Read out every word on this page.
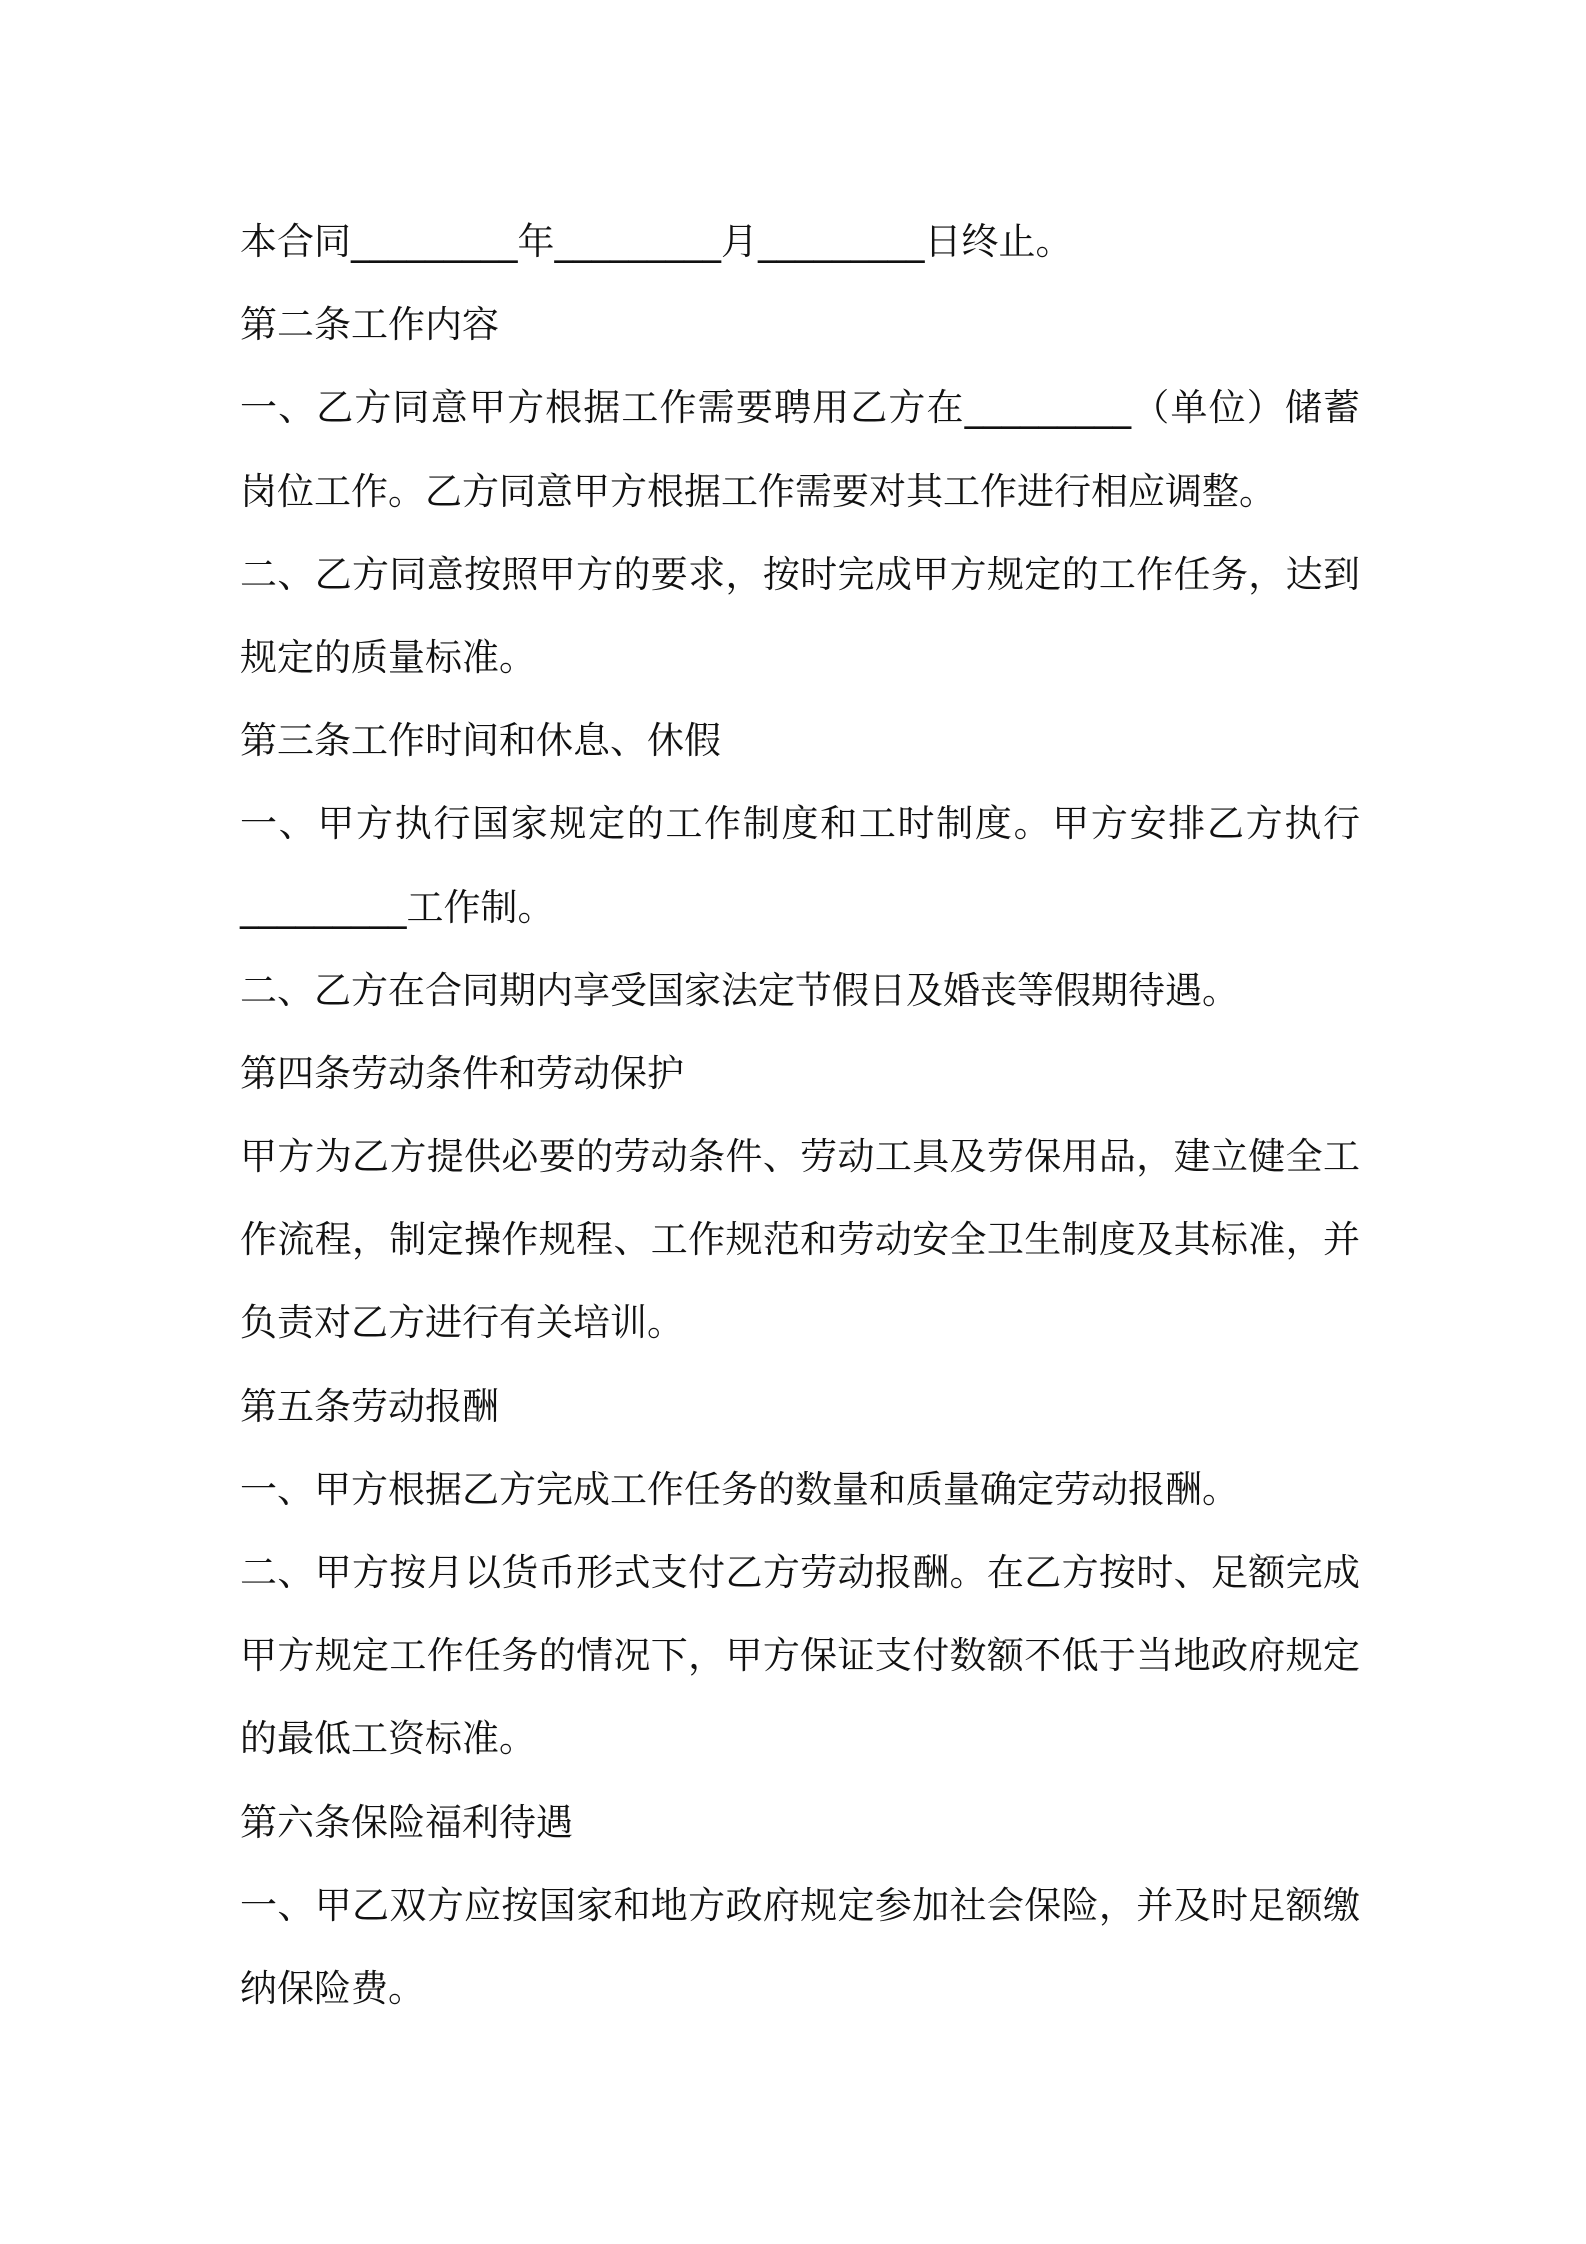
本合同_________年_________月_________日终止。
第二条工作内容
一、乙方同意甲方根据工作需要聘用乙方在_________（单位）储蓄
岗位工作。乙方同意甲方根据工作需要对其工作进行相应调整。
二、乙方同意按照甲方的要求，按时完成甲方规定的工作任务，达到
规定的质量标准。
第三条工作时间和休息、休假
一、甲方执行国家规定的工作制度和工时制度。甲方安排乙方执行
_________工作制。
二、乙方在合同期内享受国家法定节假日及婚丧等假期待遇。
第四条劳动条件和劳动保护
甲方为乙方提供必要的劳动条件、劳动工具及劳保用品，建立健全工
作流程，制定操作规程、工作规范和劳动安全卫生制度及其标准，并
负责对乙方进行有关培训。
第五条劳动报酬
一、甲方根据乙方完成工作任务的数量和质量确定劳动报酬。
二、甲方按月以货币形式支付乙方劳动报酬。在乙方按时、足额完成
甲方规定工作任务的情况下，甲方保证支付数额不低于当地政府规定
的最低工资标准。
第六条保险福利待遇
一、甲乙双方应按国家和地方政府规定参加社会保险，并及时足额缴
纳保险费。
